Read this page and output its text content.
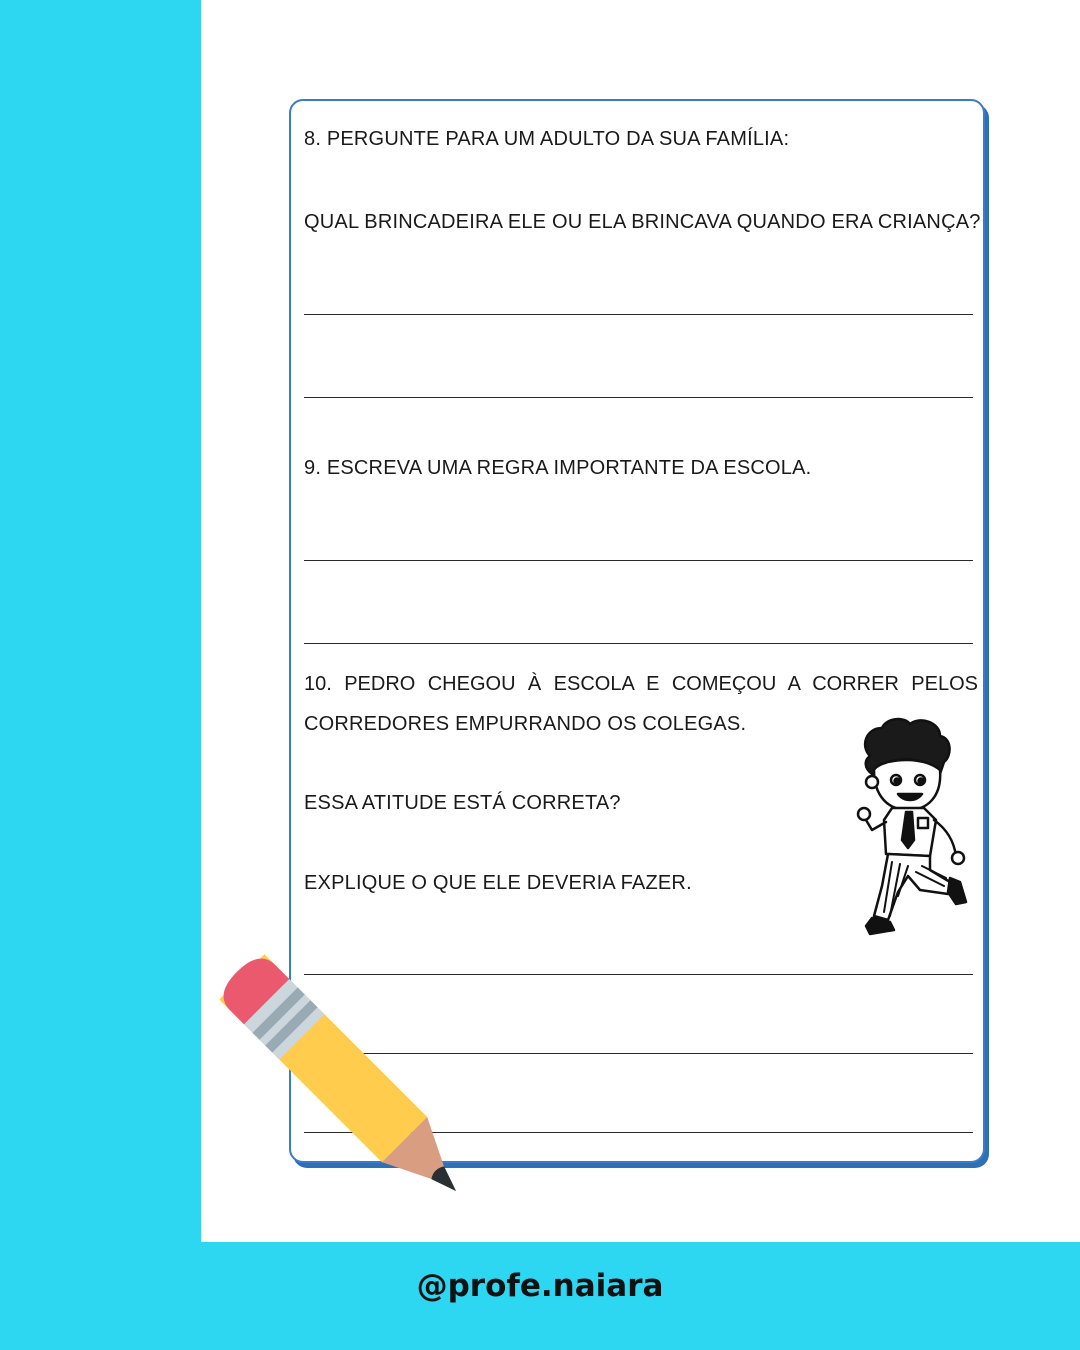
8. PERGUNTE PARA UM ADULTO DA SUA FAMÍLIA:
QUAL BRINCADEIRA ELE OU ELA BRINCAVA QUANDO ERA CRIANÇA?
9. ESCREVA UMA REGRA IMPORTANTE DA ESCOLA.
10. PEDRO CHEGOU À ESCOLA E COMEÇOU A CORRER PELOS
CORREDORES EMPURRANDO OS COLEGAS.
ESSA ATITUDE ESTÁ CORRETA?
EXPLIQUE O QUE ELE DEVERIA FAZER.
@profe.naiara
